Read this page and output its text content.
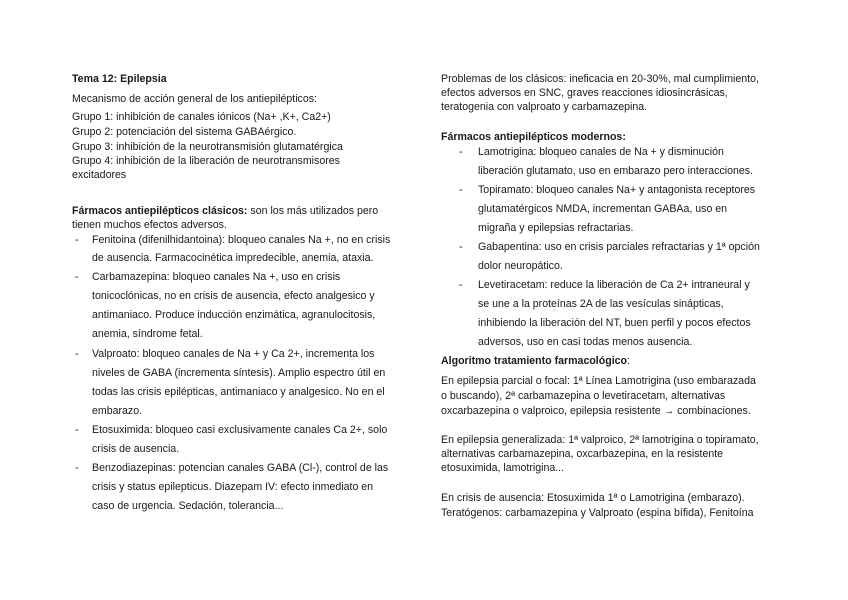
Tema 12: Epilepsia
Mecanismo de acción general de los antiepilépticos:
Grupo 1: inhibición de canales iónicos (Na+ ,K+, Ca2+)
Grupo 2: potenciación del sistema GABAérgico.
Grupo 3: inhibición de la neurotransmisión glutamatérgica
Grupo 4: inhibición de la liberación de neurotransmisores
excitadores
Fármacos antiepilépticos clásicos: son los más utilizados pero
tienen muchos efectos adversos.
- Fenitoina (difenilhidantoina): bloqueo canales Na +, no en crisis
de ausencia. Farmacocinética impredecible, anemia, ataxia.
- Carbamazepina: bloqueo canales Na +, uso en crisis
tonicoclónicas, no en crisis de ausencia, efecto analgesico y
antimaniaco. Produce inducción enzimática, agranulocitosis,
anemia, síndrome fetal.
- Valproato: bloqueo canales de Na + y Ca 2+, incrementa los
niveles de GABA (incrementa síntesis). Amplio espectro útil en
todas las crisis epilépticas, antimaniaco y analgesico. No en el
embarazo.
- Etosuximida: bloqueo casi exclusivamente canales Ca 2+, solo
crisis de ausencia.
- Benzodiazepinas: potencian canales GABA (Cl-), control de las
crisis y status epilepticus. Diazepam IV: efecto inmediato en
caso de urgencia. Sedación, tolerancia...
Problemas de los clásicos: ineficacia en 20-30%, mal cumplimiento,
efectos adversos en SNC, graves reacciones idiosincrásicas,
teratogenia con valproato y carbamazepina.
Fármacos antiepilépticos modernos:
- Lamotrigina: bloqueo canales de Na + y disminución
liberación glutamato, uso en embarazo pero interacciones.
- Topiramato: bloqueo canales Na+ y antagonista receptores
glutamatérgicos NMDA, incrementan GABAa, uso en
migraña y epilepsias refractarias.
- Gabapentina: uso en crisis parciales refractarias y 1ª opción
dolor neuropático.
- Levetiracetam: reduce la liberación de Ca 2+ intraneural y
se une a la proteínas 2A de las vesículas sinápticas,
inhibiendo la liberación del NT, buen perfil y pocos efectos
adversos, uso en casi todas menos ausencia.
Algoritmo tratamiento farmacológico:
En epilepsia parcial o focal: 1ª Línea Lamotrigina (uso embarazada
o buscando), 2ª carbamazepina o levetiracetam, alternativas
oxcarbazepina o valproico, epilepsia resistente → combinaciones.
En epilepsia generalizada: 1ª valproico, 2ª lamotrigina o topiramato,
alternativas carbamazepina, oxcarbazepina, en la resistente
etosuximida, lamotrigina...
En crisis de ausencia: Etosuximida 1ª o Lamotrigina (embarazo).
Teratógenos: carbamazepina y Valproato (espina bífida), Fenitoína
